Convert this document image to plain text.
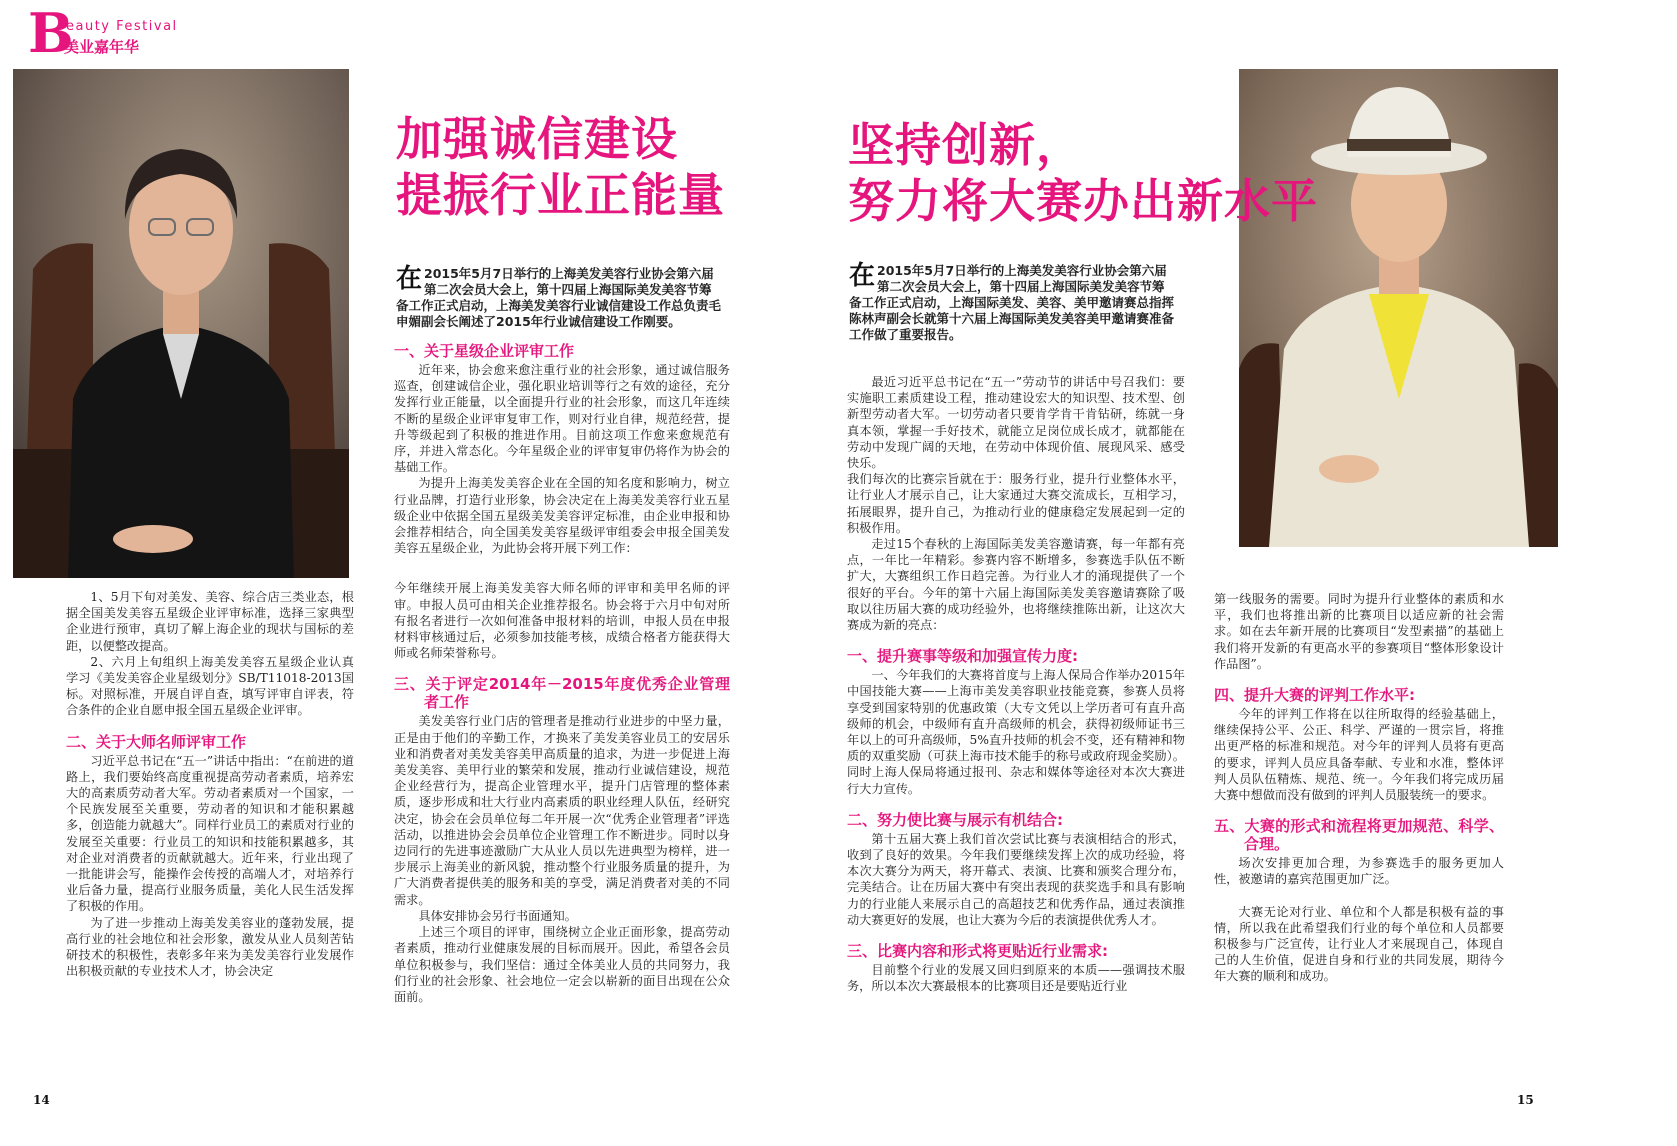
B
eauty Festival
美业嘉年华
加强诚信建设
提振行业正能量
坚持创新，
努力将大赛办出新水平
在 2015年5月7日举行的上海美发美容行业协会第六届第二次会员大会上，第十四届上海国际美发美容节筹备工作正式启动，上海美发美容行业诚信建设工作总负责毛申媚副会长阐述了2015年行业诚信建设工作刚要。
在 2015年5月7日举行的上海美发美容行业协会第六届第二次会员大会上，第十四届上海国际美发美容节筹备工作正式启动，上海国际美发、美容、美甲邀请赛总指挥陈林声副会长就第十六届上海国际美发美容美甲邀请赛准备工作做了重要报告。

1、5月下旬对美发、美容、综合店三类业态，根据全国美发美容五星级企业评审标准，选择三家典型企业进行预审，真切了解上海企业的现状与国标的差距，以便整改提高。

2、六月上旬组织上海美发美容五星级企业认真学习《美发美容企业星级划分》SB/T11018-2013国标。对照标准，开展自评自查，填写评审自评表，符合条件的企业自愿申报全国五星级企业评审。

二、关于大师名师评审工作

习近平总书记在“五一”讲话中指出：“在前进的道路上，我们要始终高度重视提高劳动者素质，培养宏大的高素质劳动者大军。劳动者素质对一个国家，一个民族发展至关重要，劳动者的知识和才能积累越多，创造能力就越大”。同样行业员工的素质对行业的发展至关重要：行业员工的知识和技能积累越多，其对企业对消费者的贡献就越大。近年来，行业出现了一批能讲会写，能操作会传授的高端人才，对培养行业后备力量，提高行业服务质量，美化人民生活发挥了积极的作用。

为了进一步推动上海美发美容业的蓬勃发展，提高行业的社会地位和社会形象，激发从业人员刻苦钻研技术的积极性，表彰多年来为美发美容行业发展作出积极贡献的专业技术人才，协会决定

一、关于星级企业评审工作

近年来，协会愈来愈注重行业的社会形象，通过诚信服务巡查，创建诚信企业，强化职业培训等行之有效的途径，充分发挥行业正能量，以全面提升行业的社会形象，而这几年连续不断的星级企业评审复审工作，则对行业自律，规范经营，提升等级起到了积极的推进作用。目前这项工作愈来愈规范有序，并进入常态化。今年星级企业的评审复审仍将作为协会的基础工作。

为提升上海美发美容企业在全国的知名度和影响力，树立行业品牌，打造行业形象，协会决定在上海美发美容行业五星级企业中依据全国五星级美发美容评定标准，由企业申报和协会推荐相结合，向全国美发美容星级评审组委会申报全国美发美容五星级企业，为此协会将开展下列工作：

今年继续开展上海美发美容大师名师的评审和美甲名师的评审。申报人员可由相关企业推荐报名。协会将于六月中旬对所有报名者进行一次如何准备申报材料的培训，申报人员在申报材料审核通过后，必须参加技能考核，成绩合格者方能获得大师或名师荣誉称号。

三、关于评定2014年－2015年度优秀企业管理者工作

美发美容行业门店的管理者是推动行业进步的中坚力量，正是由于他们的辛勤工作，才换来了美发美容业员工的安居乐业和消费者对美发美容美甲高质量的追求，为进一步促进上海美发美容、美甲行业的繁荣和发展，推动行业诚信建设，规范企业经营行为，提高企业管理水平，提升门店管理的整体素质，逐步形成和壮大行业内高素质的职业经理人队伍，经研究决定，协会在会员单位每二年开展一次“优秀企业管理者”评选活动，以推进协会会员单位企业管理工作不断进步。同时以身边同行的先进事迹激励广大从业人员以先进典型为榜样，进一步展示上海美业的新风貌，推动整个行业服务质量的提升，为广大消费者提供美的服务和美的享受，满足消费者对美的不同需求。

具体安排协会另行书面通知。

上述三个项目的评审，围绕树立企业正面形象，提高劳动者素质，推动行业健康发展的目标而展开。因此，希望各会员单位积极参与，我们坚信：通过全体美业人员的共同努力，我们行业的社会形象、社会地位一定会以崭新的面目出现在公众面前。

最近习近平总书记在“五一”劳动节的讲话中号召我们：要实施职工素质建设工程，推动建设宏大的知识型、技术型、创新型劳动者大军。一切劳动者只要肯学肯干肯钻研，练就一身真本领，掌握一手好技术，就能立足岗位成长成才，就都能在劳动中发现广阔的天地，在劳动中体现价值、展现风采、感受快乐。

我们每次的比赛宗旨就在于：服务行业，提升行业整体水平，让行业人才展示自己，让大家通过大赛交流成长，互相学习，拓展眼界，提升自己，为推动行业的健康稳定发展起到一定的积极作用。

走过15个春秋的上海国际美发美容邀请赛，每一年都有亮点，一年比一年精彩。参赛内容不断增多，参赛选手队伍不断扩大，大赛组织工作日趋完善。为行业人才的涌现提供了一个很好的平台。今年的第十六届上海国际美发美容邀请赛除了吸取以往历届大赛的成功经验外，也将继续推陈出新，让这次大赛成为新的亮点：

一、提升赛事等级和加强宣传力度:

一、今年我们的大赛将首度与上海人保局合作举办2015年中国技能大赛——上海市美发美容职业技能竞赛，参赛人员将享受到国家特别的优惠政策（大专文凭以上学历者可有直升高级师的机会，中级师有直升高级师的机会，获得初级师证书三年以上的可升高级师，5%直升技师的机会不变，还有精神和物质的双重奖励（可获上海市技术能手的称号或政府现金奖励）。同时上海人保局将通过报刊、杂志和媒体等途径对本次大赛进行大力宣传。

二、努力使比赛与展示有机结合:

第十五届大赛上我们首次尝试比赛与表演相结合的形式，收到了良好的效果。今年我们要继续发挥上次的成功经验，将本次大赛分为两天，将开幕式、表演、比赛和颁奖合理分布，完美结合。让在历届大赛中有突出表现的获奖选手和具有影响力的行业能人来展示自己的高超技艺和优秀作品，通过表演推动大赛更好的发展，也让大赛为今后的表演提供优秀人才。

三、比赛内容和形式将更贴近行业需求:

目前整个行业的发展又回归到原来的本质——强调技术服务，所以本次大赛最根本的比赛项目还是要贴近行业

第一线服务的需要。同时为提升行业整体的素质和水平，我们也将推出新的比赛项目以适应新的社会需求。如在去年新开展的比赛项目“发型素描”的基础上我们将开发新的有更高水平的参赛项目“整体形象设计作品图”。

四、提升大赛的评判工作水平:

今年的评判工作将在以往所取得的经验基础上，继续保持公平、公正、科学、严谨的一贯宗旨，将推出更严格的标准和规范。对今年的评判人员将有更高的要求，评判人员应具备奉献、专业和水准，整体评判人员队伍精炼、规范、统一。今年我们将完成历届大赛中想做而没有做到的评判人员服装统一的要求。

五、大赛的形式和流程将更加规范、科学、合理。

场次安排更加合理，为参赛选手的服务更加人性，被邀请的嘉宾范围更加广泛。

大赛无论对行业、单位和个人都是积极有益的事情，所以我在此希望我们行业的每个单位和人员都要积极参与广泛宣传，让行业人才来展现自己，体现自己的人生价值，促进自身和行业的共同发展，期待今年大赛的顺利和成功。

14	15
